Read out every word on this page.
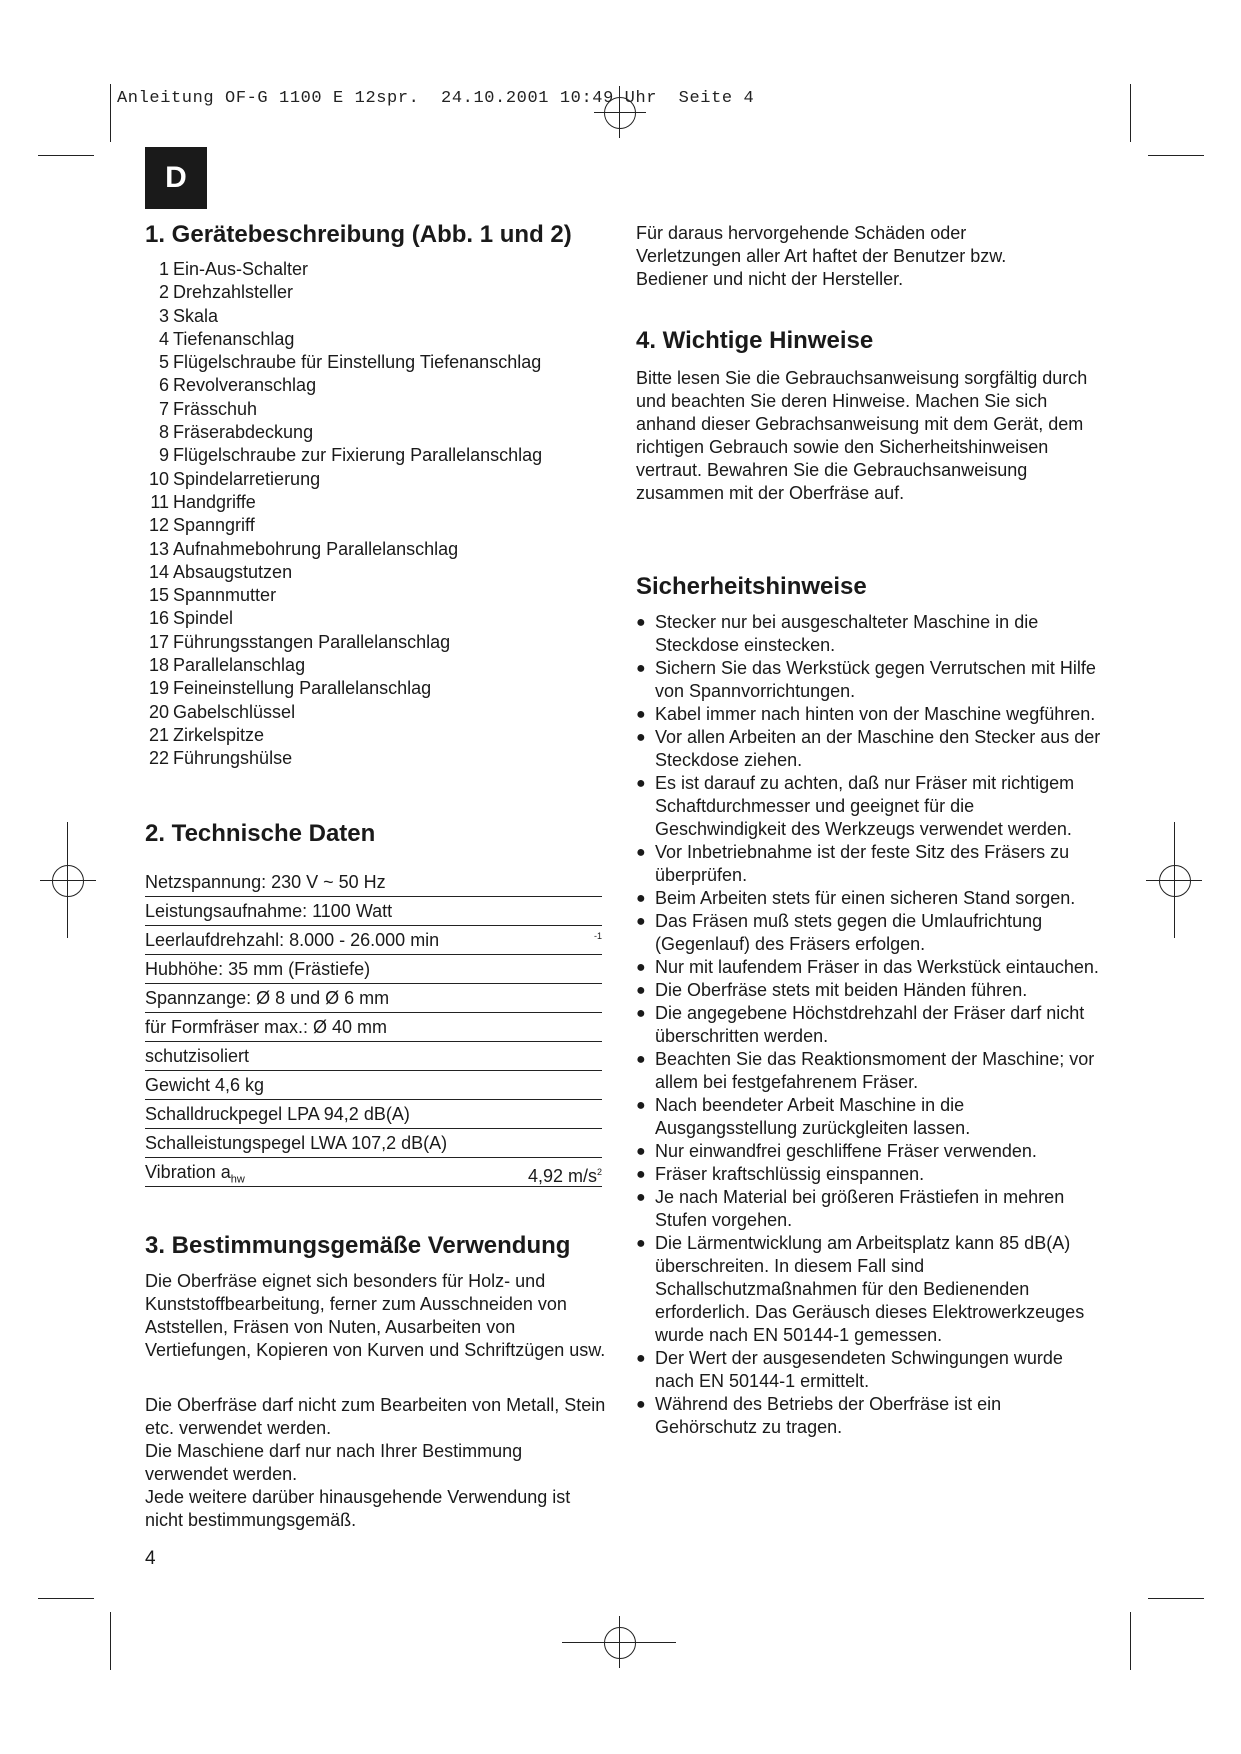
Anleitung OF-G 1100 E 12spr.  24.10.2001 10:49 Uhr  Seite 4
D
1. Gerätebeschreibung (Abb. 1 und 2)
1 Ein-Aus-Schalter
2 Drehzahlsteller
3 Skala
4 Tiefenanschlag
5 Flügelschraube für Einstellung Tiefenanschlag
6 Revolveranschlag
7 Frässchuh
8 Fräserabdeckung
9 Flügelschraube zur Fixierung Parallelanschlag
10 Spindelarretierung
11 Handgriffe
12 Spanngriff
13 Aufnahmebohrung Parallelanschlag
14 Absaugstutzen
15 Spannmutter
16 Spindel
17 Führungsstangen Parallelanschlag
18 Parallelanschlag
19 Feineinstellung Parallelanschlag
20 Gabelschlüssel
21 Zirkelspitze
22 Führungshülse
2. Technische Daten
Netzspannung: 230 V ~ 50 Hz
Leistungsaufnahme: 1100 Watt
Leerlaufdrehzahl: 8.000 - 26.000 min	-1
Hubhöhe: 35 mm (Frästiefe)
Spannzange: Ø 8 und Ø 6 mm
für Formfräser max.: Ø 40 mm
schutzisoliert
Gewicht 4,6 kg
Schalldruckpegel LPA 94,2 dB(A)
Schalleistungspegel LWA 107,2 dB(A)
Vibration $a_{hw}$	4,92 $m/s^2$
3. Bestimmungsgemäße Verwendung

Die Oberfräse eignet sich besonders für Holz- und Kunststoffbearbeitung, ferner zum Ausschneiden von Aststellen, Fräsen von Nuten, Ausarbeiten von Vertiefungen, Kopieren von Kurven und Schriftzügen usw.

Die Oberfräse darf nicht zum Bearbeiten von Metall, Stein etc. verwendet werden.

Die Maschiene darf nur nach Ihrer Bestimmung verwendet werden.

Jede weitere darüber hinausgehende Verwendung ist nicht bestimmungsgemäß.

Für daraus hervorgehende Schäden oder Verletzungen aller Art haftet der Benutzer bzw. Bediener und nicht der Hersteller.

4. Wichtige Hinweise

Bitte lesen Sie die Gebrauchsanweisung sorgfältig durch und beachten Sie deren Hinweise. Machen Sie sich anhand dieser Gebrachsanweisung mit dem Gerät, dem richtigen Gebrauch sowie den Sicherheitshinweisen vertraut. Bewahren Sie die Gebrauchsanweisung zusammen mit der Oberfräse auf.

Sicherheitshinweise
● Stecker nur bei ausgeschalteter Maschine in die Steckdose einstecken.
● Sichern Sie das Werkstück gegen Verrutschen mit Hilfe von Spannvorrichtungen.
● Kabel immer nach hinten von der Maschine wegführen.
● Vor allen Arbeiten an der Maschine den Stecker aus der Steckdose ziehen.
● Es ist darauf zu achten, daß nur Fräser mit richtigem Schaftdurchmesser und geeignet für die Geschwindigkeit des Werkzeugs verwendet werden.
● Vor Inbetriebnahme ist der feste Sitz des Fräsers zu überprüfen.
● Beim Arbeiten stets für einen sicheren Stand sorgen.
● Das Fräsen muß stets gegen die Umlaufrichtung (Gegenlauf) des Fräsers erfolgen.
● Nur mit laufendem Fräser in das Werkstück eintauchen.
● Die Oberfräse stets mit beiden Händen führen.
● Die angegebene Höchstdrehzahl der Fräser darf nicht überschritten werden.
● Beachten Sie das Reaktionsmoment der Maschine; vor allem bei festgefahrenem Fräser.
● Nach beendeter Arbeit Maschine in die Ausgangsstellung zurückgleiten lassen.
● Nur einwandfrei geschliffene Fräser verwenden.
● Fräser kraftschlüssig einspannen.
● Je nach Material bei größeren Frästiefen in mehren Stufen vorgehen.
● Die Lärmentwicklung am Arbeitsplatz kann 85 dB(A) überschreiten. In diesem Fall sind Schallschutzmaßnahmen für den Bedienenden erforderlich. Das Geräusch dieses Elektrowerkzeuges wurde nach EN 50144-1 gemessen.
● Der Wert der ausgesendeten Schwingungen wurde nach EN 50144-1 ermittelt.
● Während des Betriebs der Oberfräse ist ein Gehörschutz zu tragen.
4
